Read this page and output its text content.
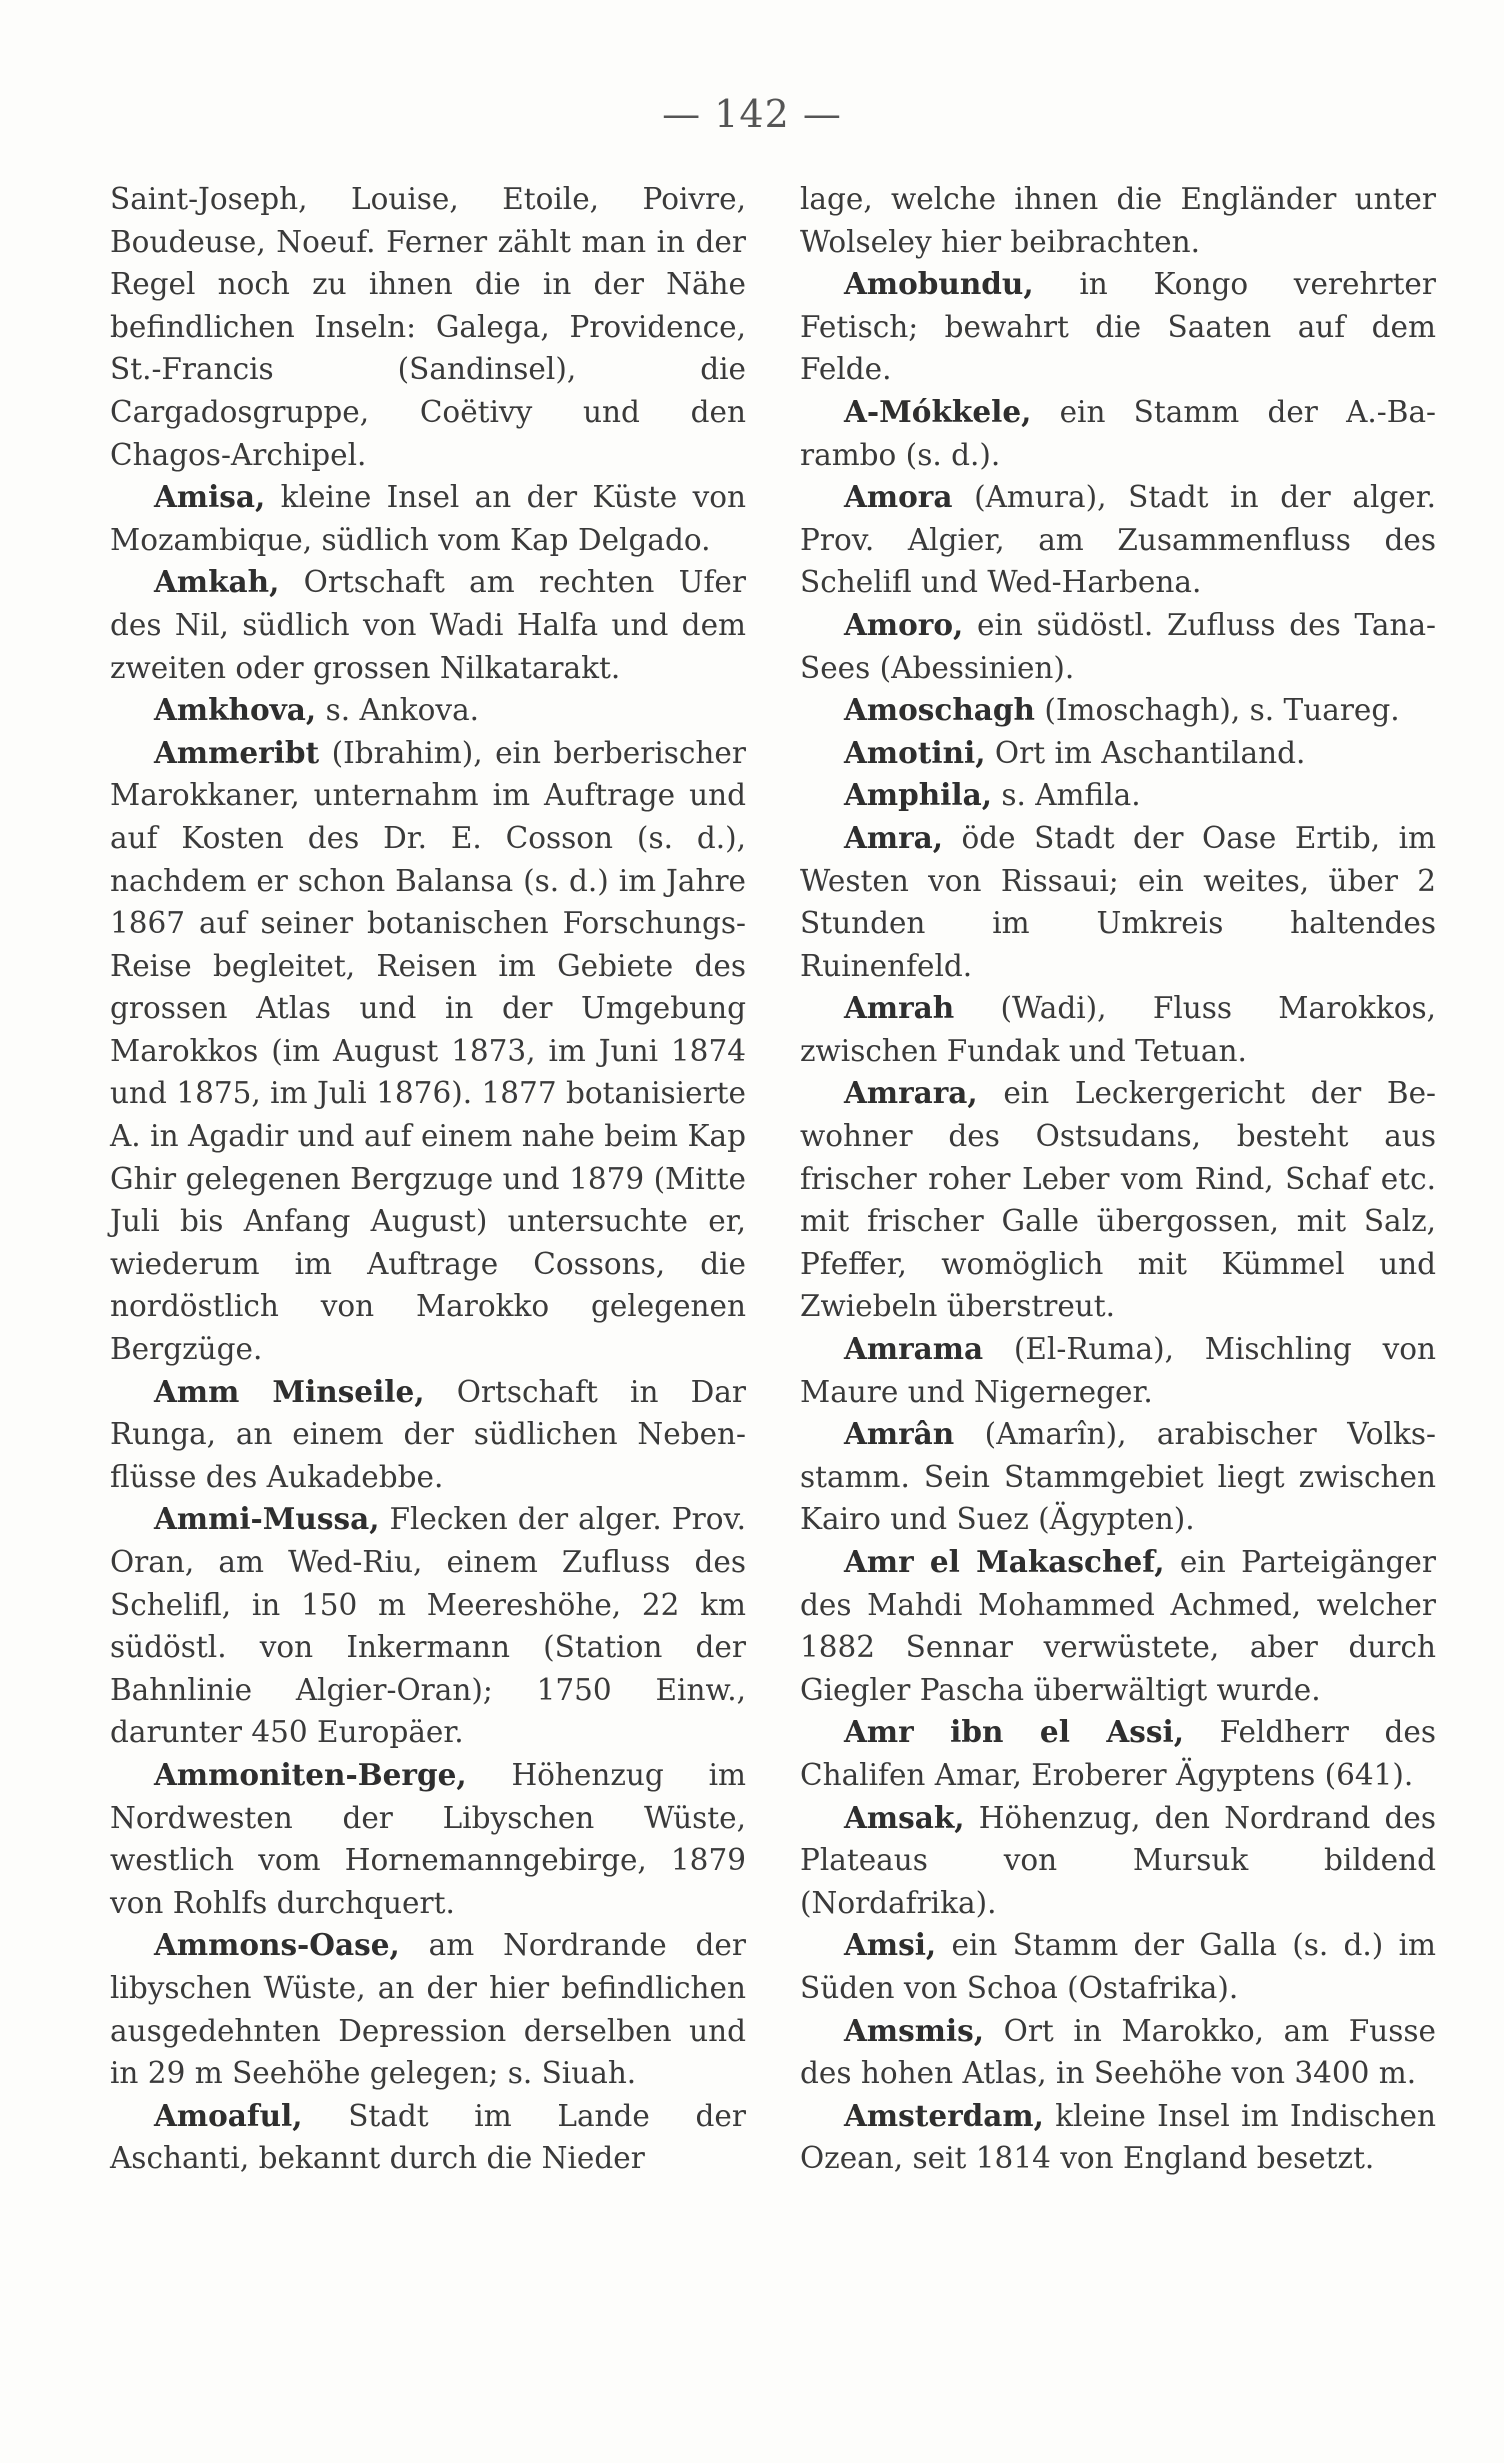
— 142 —

Saint-Joseph, Louise, Etoile, Poivre, Boudeuse, Noeuf. Ferner zählt man in der Regel noch zu ihnen die in der Nähe befindlichen Inseln: Galega, Providence, St.-Francis (Sandinsel), die Cargadosgruppe, Coëtivy und den Chagos-Archipel.

Amisa, kleine Insel an der Küste von Mozambique, südlich vom Kap Delgado.

Amkah, Ortschaft am rechten Ufer des Nil, südlich von Wadi Halfa und dem zweiten oder grossen Nilkatarakt.

Amkhova, s. Ankova.

Ammeribt (Ibrahim), ein berberischer Marokkaner, unternahm im Auftrage und auf Kosten des Dr. E. Cosson (s. d.), nachdem er schon Balansa (s. d.) im Jahre 1867 auf seiner botanischen Forschungs-Reise begleitet, Reisen im Gebiete des grossen Atlas und in der Umgebung Marokkos (im August 1873, im Juni 1874 und 1875, im Juli 1876). 1877 botanisierte A. in Agadir und auf einem nahe beim Kap Ghir gelegenen Bergzuge und 1879 (Mitte Juli bis Anfang August) untersuchte er, wiederum im Auftrage Cossons, die nordöstlich von Marokko gelegenen Bergzüge.

Amm Minseile, Ortschaft in Dar Runga, an einem der südlichen Nebenflüsse des Aukadebbe.

Ammi-Mussa, Flecken der alger. Prov. Oran, am Wed-Riu, einem Zufluss des Schelifl, in 150 m Meereshöhe, 22 km südöstl. von Inkermann (Station der Bahnlinie Algier-Oran); 1750 Einw., darunter 450 Europäer.

Ammoniten-Berge, Höhenzug im Nordwesten der Libyschen Wüste, westlich vom Hornemanngebirge, 1879 von Rohlfs durchquert.

Ammons-Oase, am Nordrande der libyschen Wüste, an der hier befindlichen ausgedehnten Depression derselben und in 29 m Seehöhe gelegen; s. Siuah.

Amoaful, Stadt im Lande der Aschanti, bekannt durch die Nieder

lage, welche ihnen die Engländer unter Wolseley hier beibrachten.

Amobundu, in Kongo verehrter Fetisch; bewahrt die Saaten auf dem Felde.

A-Mókkele, ein Stamm der A.-Barambo (s. d.).

Amora (Amura), Stadt in der alger. Prov. Algier, am Zusammenfluss des Schelifl und Wed-Harbena.

Amoro, ein südöstl. Zufluss des Tana-Sees (Abessinien).

Amoschagh (Imoschagh), s. Tuareg.

Amotini, Ort im Aschantiland.

Amphila, s. Amfila.

Amra, öde Stadt der Oase Ertib, im Westen von Rissaui; ein weites, über 2 Stunden im Umkreis haltendes Ruinenfeld.

Amrah (Wadi), Fluss Marokkos, zwischen Fundak und Tetuan.

Amrara, ein Leckergericht der Bewohner des Ostsudans, besteht aus frischer roher Leber vom Rind, Schaf etc. mit frischer Galle übergossen, mit Salz, Pfeffer, womöglich mit Kümmel und Zwiebeln überstreut.

Amrama (El-Ruma), Mischling von Maure und Nigerneger.

Amrân (Amarîn), arabischer Volksstamm. Sein Stammgebiet liegt zwischen Kairo und Suez (Ägypten).

Amr el Makaschef, ein Parteigänger des Mahdi Mohammed Achmed, welcher 1882 Sennar verwüstete, aber durch Giegler Pascha überwältigt wurde.

Amr ibn el Assi, Feldherr des Chalifen Amar, Eroberer Ägyptens (641).

Amsak, Höhenzug, den Nordrand des Plateaus von Mursuk bildend (Nordafrika).

Amsi, ein Stamm der Galla (s. d.) im Süden von Schoa (Ostafrika).

Amsmis, Ort in Marokko, am Fusse des hohen Atlas, in Seehöhe von 3400 m.

Amsterdam, kleine Insel im Indischen Ozean, seit 1814 von England besetzt.
